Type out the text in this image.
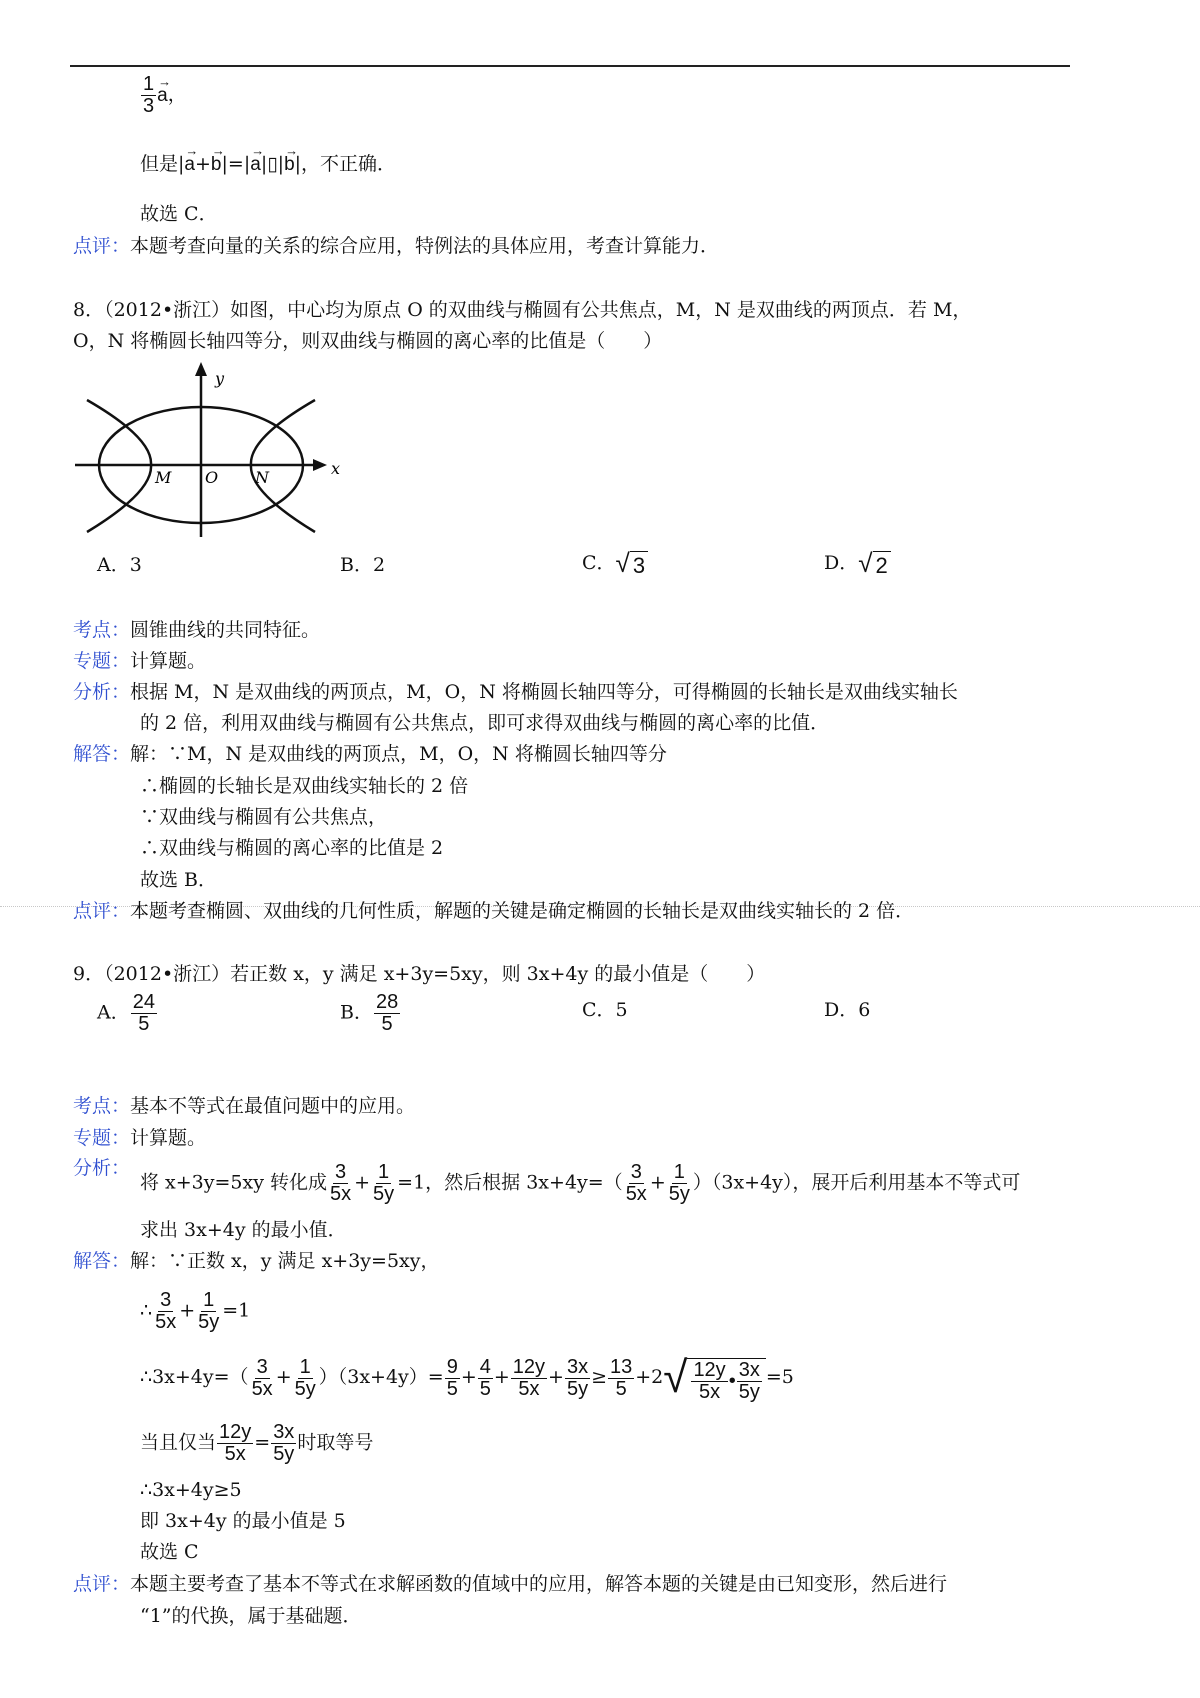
$\frac{1}{3}$
→ a，
但是|→ a+→ b|=|→ a|▯|→ b|，不正确．
故选 C．
点评：本题考查向量的关系的综合应用，特例法的具体应用，考查计算能力．
8．（2012•浙江）如图，中心均为原点 O 的双曲线与椭圆有公共焦点，M，N 是双曲线的两顶点．若 M，
O，N 将椭圆长轴四等分，则双曲线与椭圆的离心率的比值是（　　）
y
x
M O N
A．3	B．2	C． √ 3	D． √ 2
考点：圆锥曲线的共同特征。
专题：计算题。
分析：根据 M，N 是双曲线的两顶点，M，O，N 将椭圆长轴四等分，可得椭圆的长轴长是双曲线实轴长
的 2 倍，利用双曲线与椭圆有公共焦点，即可求得双曲线与椭圆的离心率的比值．
解答：解：∵M，N 是双曲线的两顶点，M，O，N 将椭圆长轴四等分
∴椭圆的长轴长是双曲线实轴长的 2 倍
∵双曲线与椭圆有公共焦点，
∴双曲线与椭圆的离心率的比值是 2
故选 B．
点评：本题考查椭圆、双曲线的几何性质，解题的关键是确定椭圆的长轴长是双曲线实轴长的 2 倍．
9．（2012•浙江）若正数 x，y 满足 x+3y=5xy，则 3x+4y 的最小值是（　　）
A． $\frac{24}{5}$	B． $\frac{28}{5}$	C．5	D．6
考点：基本不等式在最值问题中的应用。
专题：计算题。
分析：
将 x+3y=5xy 转化成 $\frac{3}{5x} + \frac{1}{5y} =1$，然后根据 $3x+4y=( \frac{3}{5x} + \frac{1}{5y} )(3x+4y)$，展开后利用基本不等式可
求出 3x+4y 的最小值．
解答：解：∵正数 x，y 满足 x+3y=5xy，
∴ $\frac{3}{5x} + \frac{1}{5y} =1$
∴3x+4y=（ $\frac{3}{5x} + \frac{1}{5y} )(3x+4y)= \frac{9}{5} + \frac{4}{5} + \frac{12y}{5x} + \frac{3x}{5y} \ge \frac{13}{5} +2$ √ $\frac{12y}{5x}$ • $\frac{3x}{5y} =5$
当且仅当 $\frac{12y}{5x} = \frac{3x}{5y}$ 时取等号
∴3x+4y≥5
即 3x+4y 的最小值是 5
故选 C
点评：本题主要考查了基本不等式在求解函数的值域中的应用，解答本题的关键是由已知变形，然后进行
“1”的代换，属于基础题．
